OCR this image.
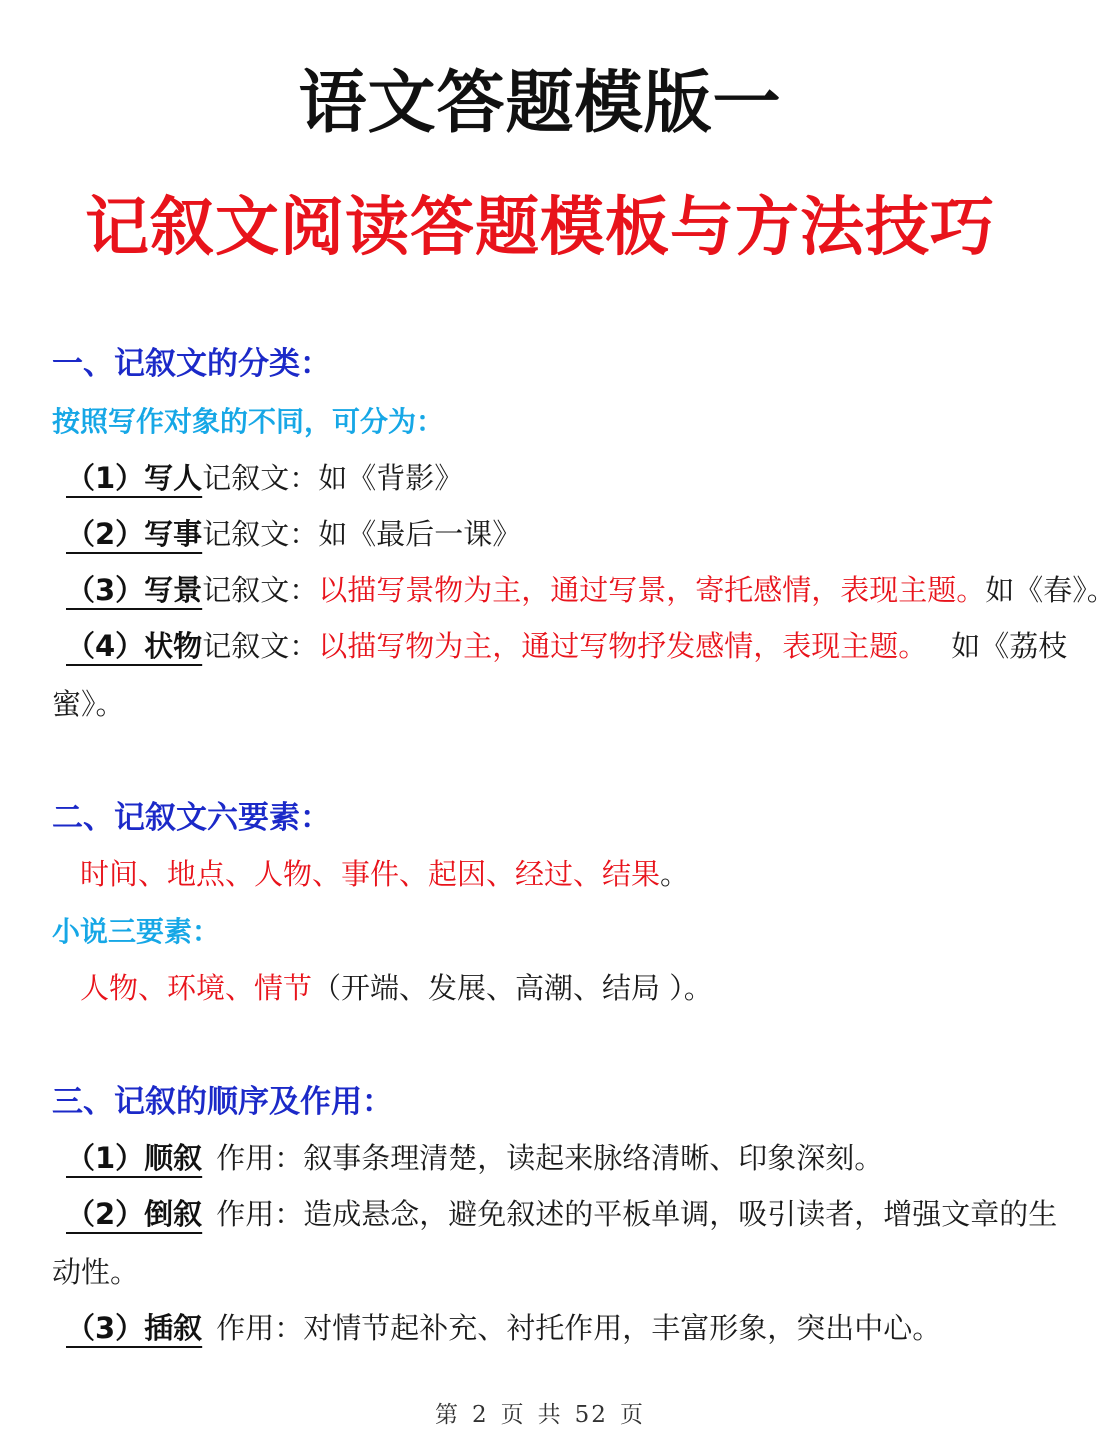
语文答题模版一
记叙文阅读答题模板与方法技巧
一、记叙文的分类：
按照写作对象的不同，可分为：
（1）写人记叙文：如《背影》
（2）写事记叙文：如《最后一课》
（3）写景记叙文：以描写景物为主，通过写景，寄托感情，表现主题。如《春》。
（4）状物记叙文：以描写物为主，通过写物抒发感情，表现主题。 如《荔枝
蜜》。
二、记叙文六要素：
时间、地点、人物、事件、起因、经过、结果。
小说三要素：
人物、环境、情节（开端、发展、高潮、结局 ）。
三、记叙的顺序及作用：
（1）顺叙 作用：叙事条理清楚，读起来脉络清晰、印象深刻。
（2）倒叙 作用：造成悬念，避免叙述的平板单调，吸引读者，增强文章的生
动性。
（3）插叙 作用：对情节起补充、衬托作用，丰富形象，突出中心。
第 2 页 共 52 页
